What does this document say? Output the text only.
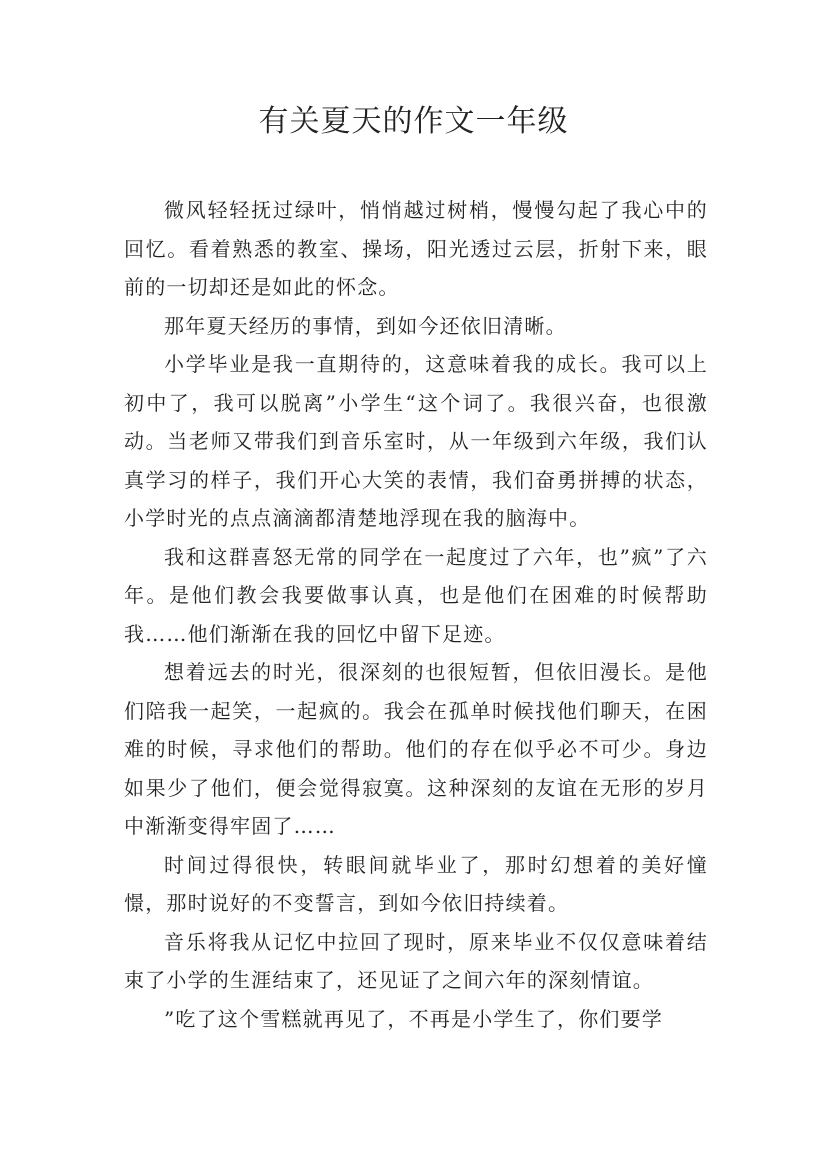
有关夏天的作文一年级

微风轻轻抚过绿叶，悄悄越过树梢，慢慢勾起了我心中的回忆。看着熟悉的教室、操场，阳光透过云层，折射下来，眼前的一切却还是如此的怀念。

那年夏天经历的事情，到如今还依旧清晰。

小学毕业是我一直期待的，这意味着我的成长。我可以上初中了，我可以脱离”小学生“这个词了。我很兴奋，也很激动。当老师又带我们到音乐室时，从一年级到六年级，我们认真学习的样子，我们开心大笑的表情，我们奋勇拼搏的状态，小学时光的点点滴滴都清楚地浮现在我的脑海中。

我和这群喜怒无常的同学在一起度过了六年，也”疯”了六年。是他们教会我要做事认真，也是他们在困难的时候帮助我……他们渐渐在我的回忆中留下足迹。

想着远去的时光，很深刻的也很短暂，但依旧漫长。是他们陪我一起笑，一起疯的。我会在孤单时候找他们聊天，在困难的时候，寻求他们的帮助。他们的存在似乎必不可少。身边如果少了他们，便会觉得寂寞。这种深刻的友谊在无形的岁月中渐渐变得牢固了……

时间过得很快，转眼间就毕业了，那时幻想着的美好憧憬，那时说好的不变誓言，到如今依旧持续着。

音乐将我从记忆中拉回了现时，原来毕业不仅仅意味着结束了小学的生涯结束了，还见证了之间六年的深刻情谊。

”吃了这个雪糕就再见了，不再是小学生了，你们要学
